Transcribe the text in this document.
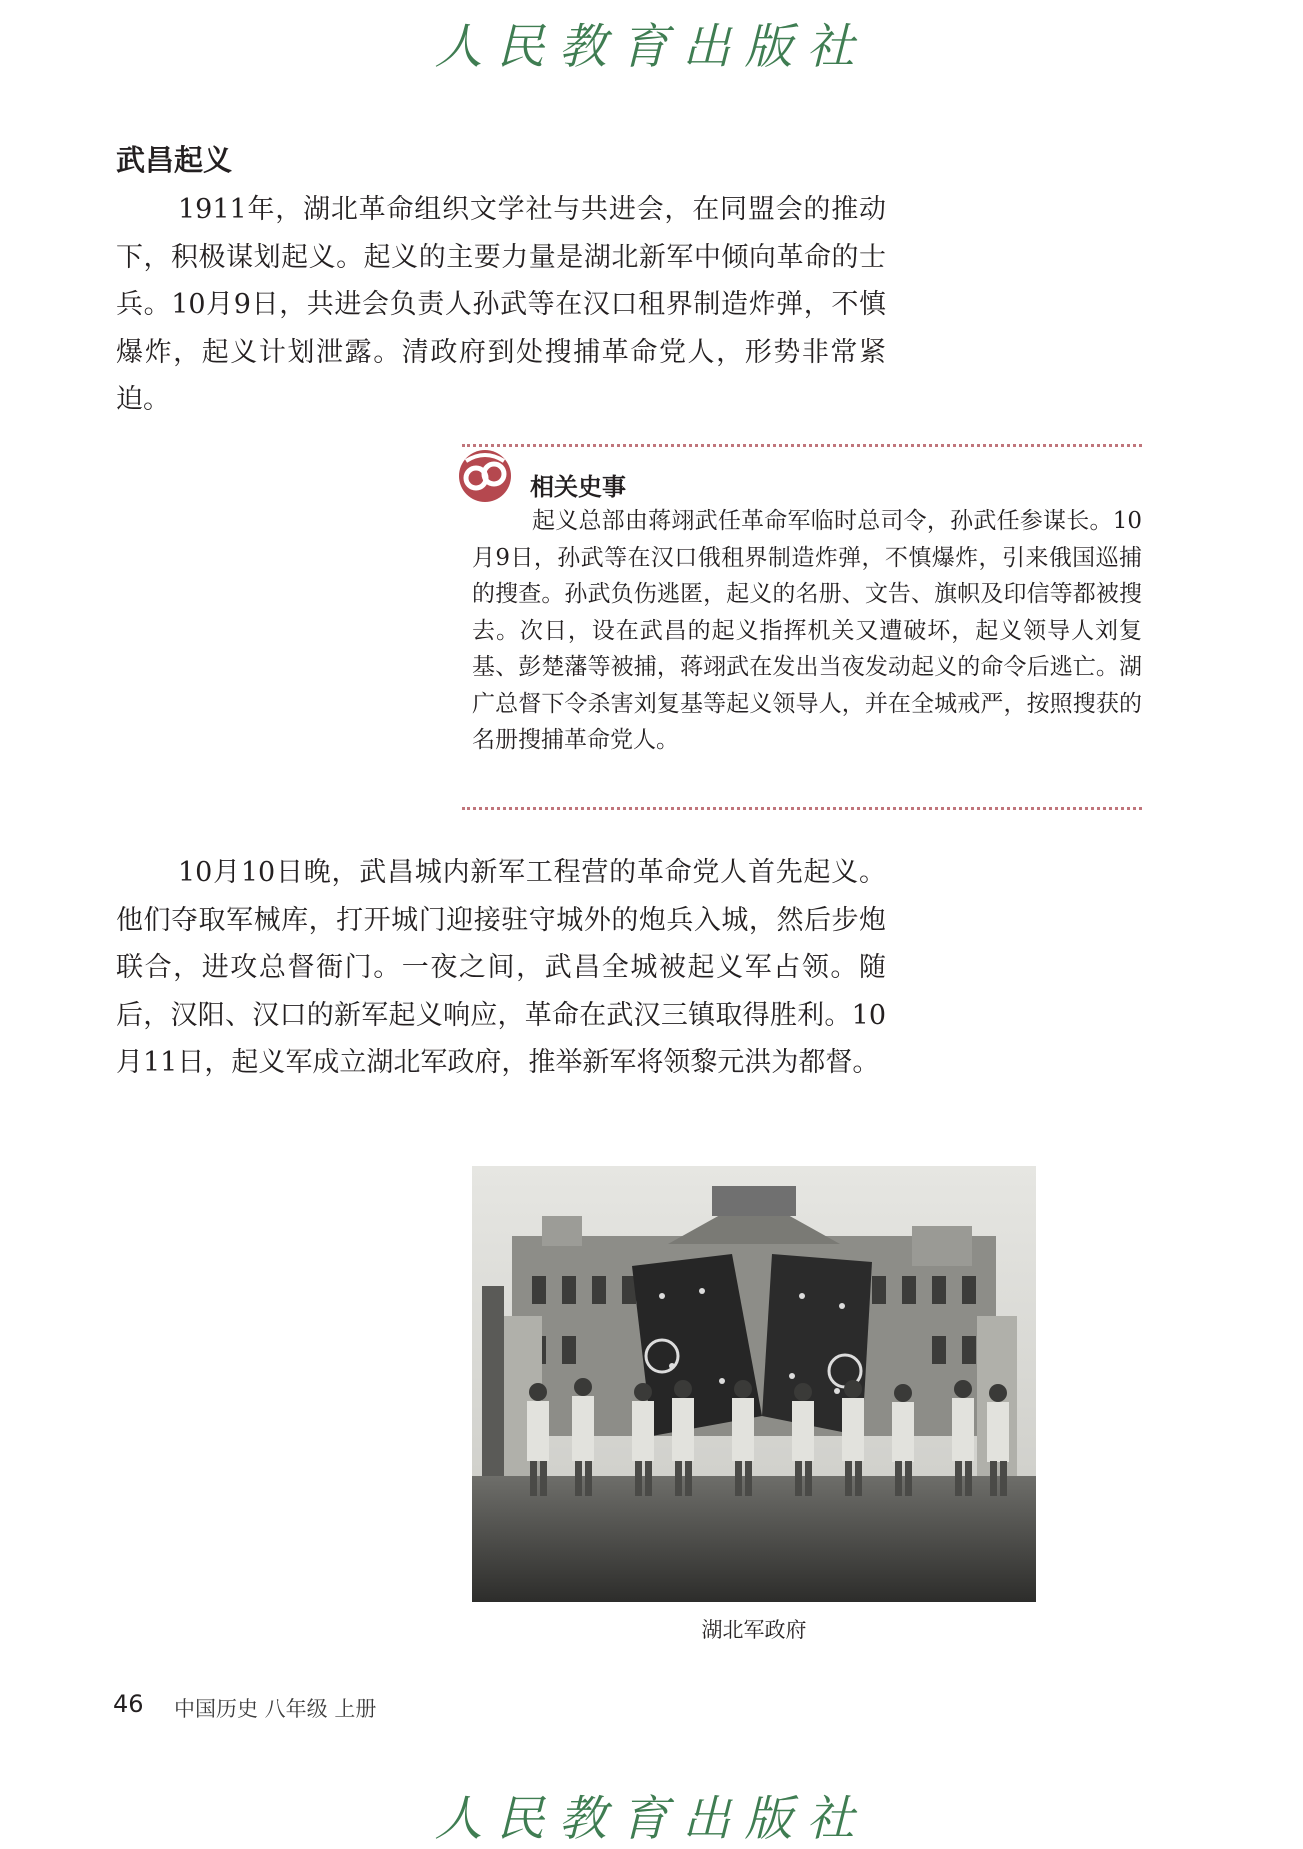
人民教育出版社
武昌起义

1911年，湖北革命组织文学社与共进会，在同盟会的推动下，积极谋划起义。起义的主要力量是湖北新军中倾向革命的士兵。10月9日，共进会负责人孙武等在汉口租界制造炸弹，不慎爆炸，起义计划泄露。清政府到处搜捕革命党人，形势非常紧迫。

相关史事

起义总部由蒋翊武任革命军临时总司令，孙武任参谋长。10月9日，孙武等在汉口俄租界制造炸弹，不慎爆炸，引来俄国巡捕的搜查。孙武负伤逃匿，起义的名册、文告、旗帜及印信等都被搜去。次日，设在武昌的起义指挥机关又遭破坏，起义领导人刘复基、彭楚藩等被捕，蒋翊武在发出当夜发动起义的命令后逃亡。湖广总督下令杀害刘复基等起义领导人，并在全城戒严，按照搜获的名册搜捕革命党人。

10月10日晚，武昌城内新军工程营的革命党人首先起义。他们夺取军械库，打开城门迎接驻守城外的炮兵入城，然后步炮联合，进攻总督衙门。一夜之间，武昌全城被起义军占领。随后，汉阳、汉口的新军起义响应，革命在武汉三镇取得胜利。10月11日，起义军成立湖北军政府，推举新军将领黎元洪为都督。

湖北军政府
46 中国历史 八年级 上册
人民教育出版社
